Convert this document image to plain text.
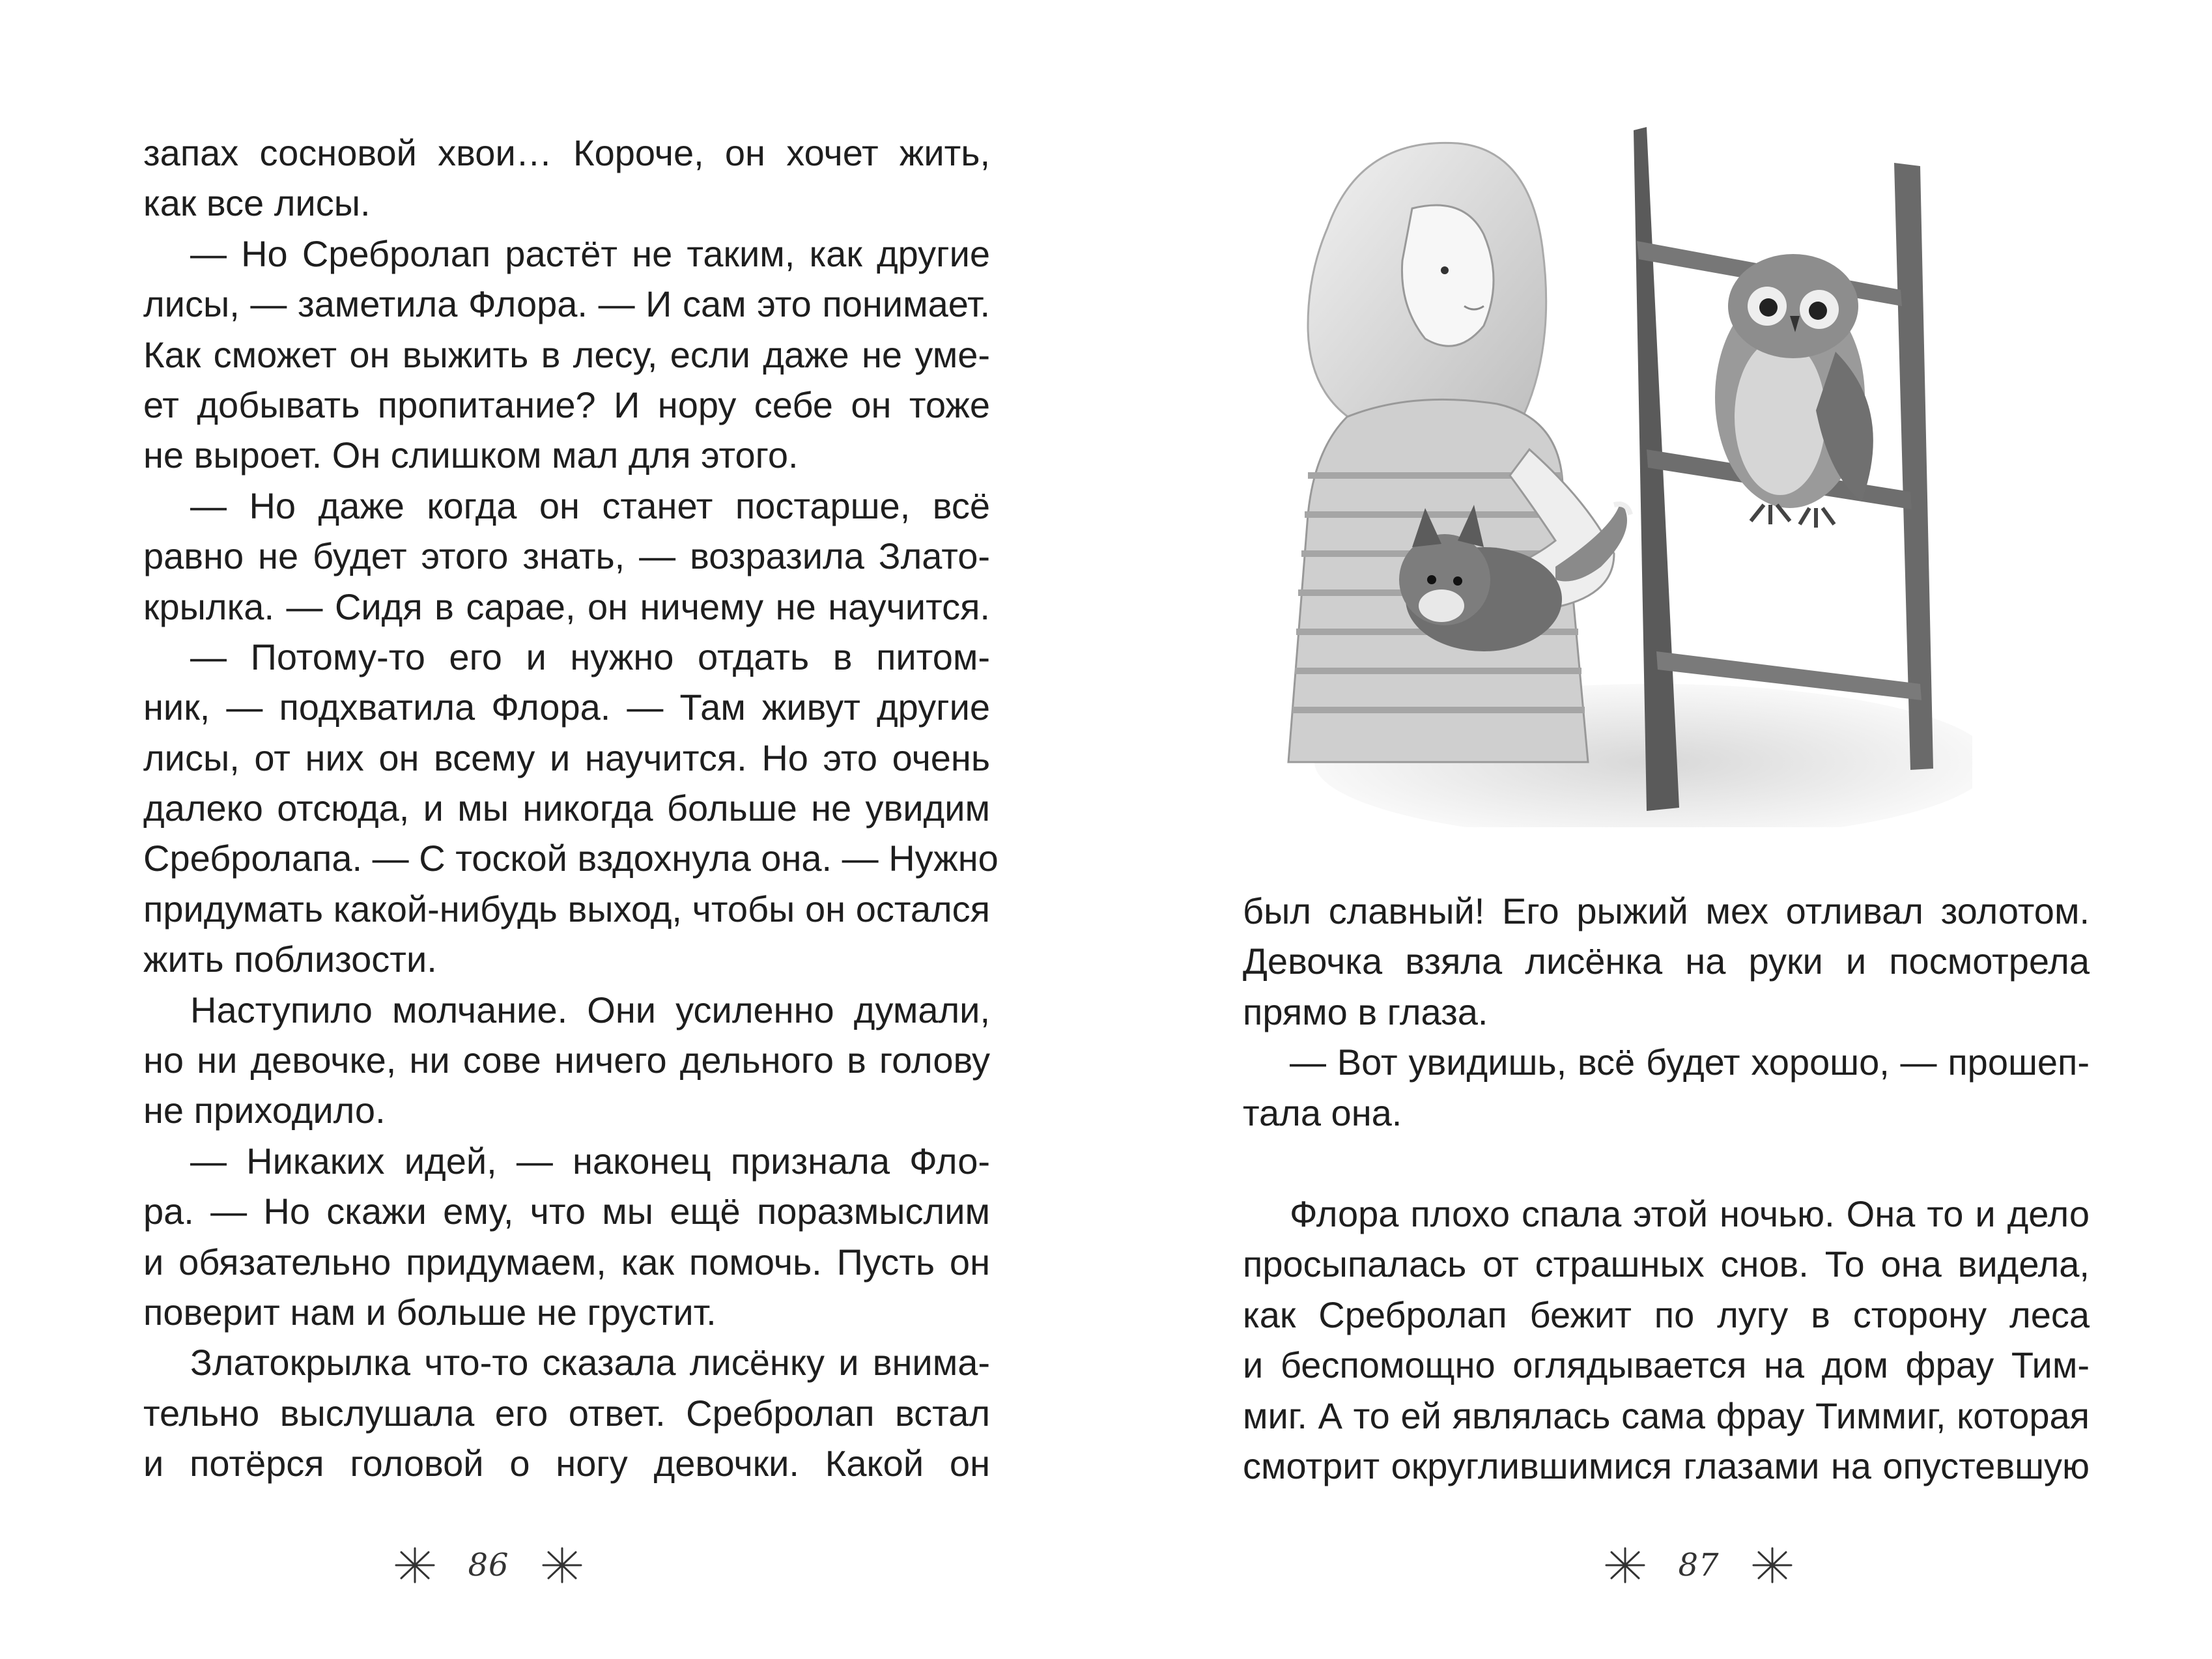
запах сосновой хвои… Короче, он хочет жить,
как все лисы.
— Но Сребролап растёт не таким, как другие
лисы, — заметила Флора. — И сам это понимает.
Как сможет он выжить в лесу, если даже не уме-
ет добывать пропитание? И нору себе он тоже
не выроет. Он слишком мал для этого.
— Но даже когда он станет постарше, всё
равно не будет этого знать, — возразила Злато-
крылка. — Сидя в сарае, он ничему не научится.
— Потому-то его и нужно отдать в питом-
ник, — подхватила Флора. — Там живут другие
лисы, от них он всему и научится. Но это очень
далеко отсюда, и мы никогда больше не увидим
Сребролапа. — С тоской вздохнула она. — Нужно
придумать какой-нибудь выход, чтобы он остался
жить поблизости.
Наступило молчание. Они усиленно думали,
но ни девочке, ни сове ничего дельного в голову
не приходило.
— Никаких идей, — наконец признала Фло-
ра. — Но скажи ему, что мы ещё поразмыслим
и обязательно придумаем, как помочь. Пусть он
поверит нам и больше не грустит.
Златокрылка что-то сказала лисёнку и внима-
тельно выслушала его ответ. Сребролап встал
и потёрся головой о ногу девочки. Какой он
86
был славный! Его рыжий мех отливал золотом.
Девочка взяла лисёнка на руки и посмотрела
прямо в глаза.
— Вот увидишь, всё будет хорошо, — прошеп-
тала она.
Флора плохо спала этой ночью. Она то и дело
просыпалась от страшных снов. То она видела,
как Сребролап бежит по лугу в сторону леса
и беспомощно оглядывается на дом фрау Тим-
миг. А то ей являлась сама фрау Тиммиг, которая
смотрит округлившимися глазами на опустевшую
87
